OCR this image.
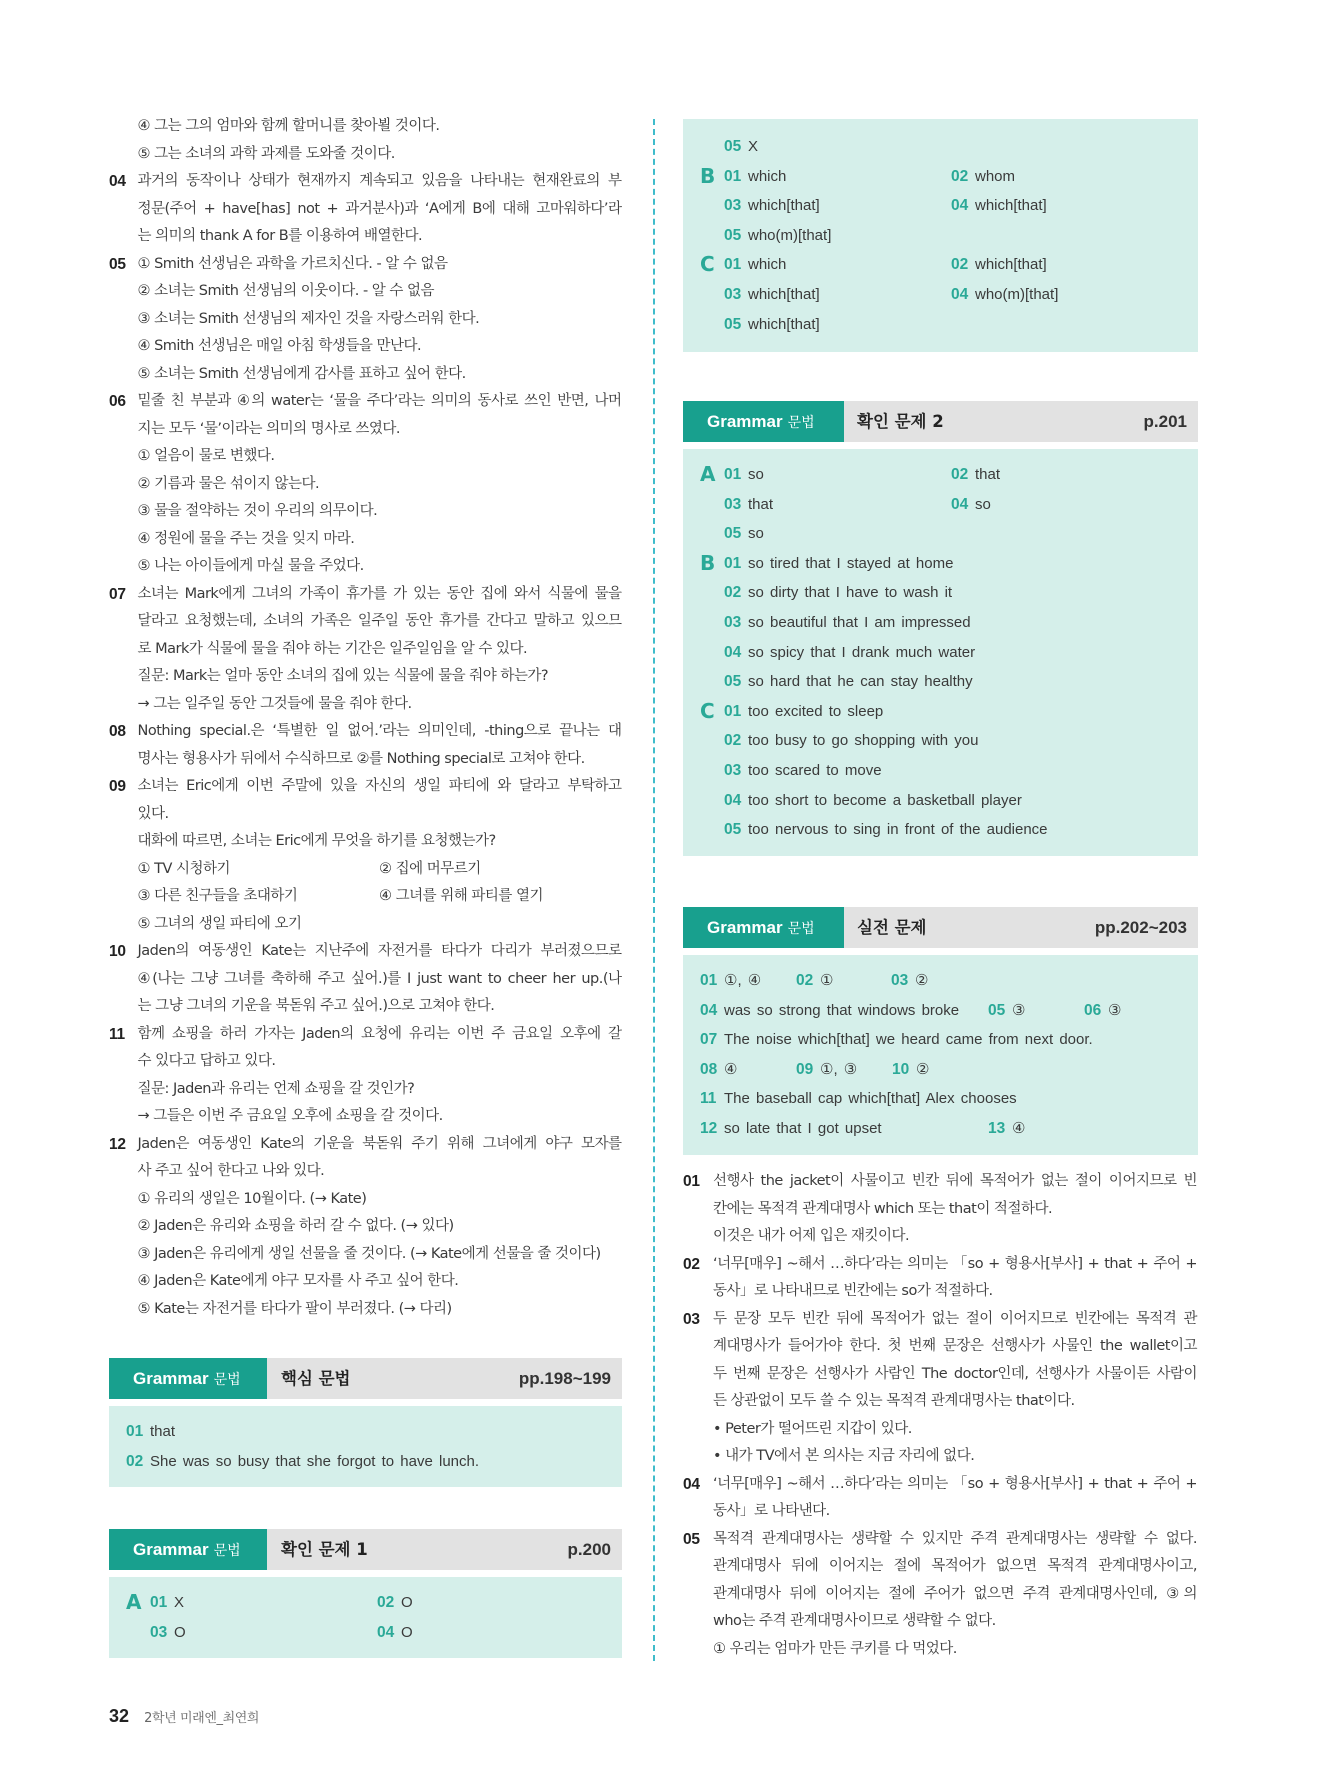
④ 그는 그의 엄마와 함께 할머니를 찾아뵐 것이다.
⑤ 그는 소녀의 과학 과제를 도와줄 것이다.
04 과거의 동작이나 상태가 현재까지 계속되고 있음을 나타내는 현재완료의 부
정문(주어 + have[has] not + 과거분사)과 ‘A에게 B에 대해 고마워하다’라
는 의미의 thank A for B를 이용하여 배열한다.
05 ① Smith 선생님은 과학을 가르치신다. - 알 수 없음
② 소녀는 Smith 선생님의 이웃이다. - 알 수 없음
③ 소녀는 Smith 선생님의 제자인 것을 자랑스러워 한다.
④ Smith 선생님은 매일 아침 학생들을 만난다.
⑤ 소녀는 Smith 선생님에게 감사를 표하고 싶어 한다.
06 밑줄 친 부분과 ④의 water는 ‘물을 주다’라는 의미의 동사로 쓰인 반면, 나머
지는 모두 ‘물’이라는 의미의 명사로 쓰였다.
① 얼음이 물로 변했다.
② 기름과 물은 섞이지 않는다.
③ 물을 절약하는 것이 우리의 의무이다.
④ 정원에 물을 주는 것을 잊지 마라.
⑤ 나는 아이들에게 마실 물을 주었다.
07 소녀는 Mark에게 그녀의 가족이 휴가를 가 있는 동안 집에 와서 식물에 물을
달라고 요청했는데, 소녀의 가족은 일주일 동안 휴가를 간다고 말하고 있으므
로 Mark가 식물에 물을 줘야 하는 기간은 일주일임을 알 수 있다.
질문: Mark는 얼마 동안 소녀의 집에 있는 식물에 물을 줘야 하는가?
→ 그는 일주일 동안 그것들에 물을 줘야 한다.
08 Nothing special.은 ‘특별한 일 없어.’라는 의미인데, -thing으로 끝나는 대
명사는 형용사가 뒤에서 수식하므로 ②를 Nothing special로 고쳐야 한다.
09 소녀는 Eric에게 이번 주말에 있을 자신의 생일 파티에 와 달라고 부탁하고
있다.
대화에 따르면, 소녀는 Eric에게 무엇을 하기를 요청했는가?
① TV 시청하기	② 집에 머무르기
③ 다른 친구들을 초대하기	④ 그녀를 위해 파티를 열기
⑤ 그녀의 생일 파티에 오기
10 Jaden의 여동생인 Kate는 지난주에 자전거를 타다가 다리가 부러졌으므로
④(나는 그냥 그녀를 축하해 주고 싶어.)를 I just want to cheer her up.(나
는 그냥 그녀의 기운을 북돋워 주고 싶어.)으로 고쳐야 한다.
11 함께 쇼핑을 하러 가자는 Jaden의 요청에 유리는 이번 주 금요일 오후에 갈
수 있다고 답하고 있다.
질문: Jaden과 유리는 언제 쇼핑을 갈 것인가?
→ 그들은 이번 주 금요일 오후에 쇼핑을 갈 것이다.
12 Jaden은 여동생인 Kate의 기운을 북돋워 주기 위해 그녀에게 야구 모자를
사 주고 싶어 한다고 나와 있다.
① 유리의 생일은 10월이다. (→ Kate)
② Jaden은 유리와 쇼핑을 하러 갈 수 없다. (→ 있다)
③ Jaden은 유리에게 생일 선물을 줄 것이다. (→ Kate에게 선물을 줄 것이다)
④ Jaden은 Kate에게 야구 모자를 사 주고 싶어 한다.
⑤ Kate는 자전거를 타다가 팔이 부러졌다. (→ 다리)
Grammar 문법	핵심 문법	pp.198~199
01 that
02 She was so busy that she forgot to have lunch.
Grammar 문법	확인 문제 1	p.200
A 01 X	02 O
03 O	04 O
05 X
B 01 which	02 whom
03 which[that]	04 which[that]
05 who(m)[that]
C 01 which	02 which[that]
03 which[that]	04 who(m)[that]
05 which[that]
Grammar 문법	확인 문제 2	p.201
A 01 so	02 that
03 that	04 so
05 so
B 01 so tired that I stayed at home
02 so dirty that I have to wash it
03 so beautiful that I am impressed
04 so spicy that I drank much water
05 so hard that he can stay healthy
C 01 too excited to sleep
02 too busy to go shopping with you
03 too scared to move
04 too short to become a basketball player
05 too nervous to sing in front of the audience
Grammar 문법	실전 문제	pp.202~203
01 ①, ④ 02 ①	03 ②
04 was so strong that windows broke 05 ③	06 ③
07 The noise which[that] we heard came from next door.
08 ④	09 ①, ③ 10 ②
11 The baseball cap which[that] Alex chooses
12 so late that I got upset	13 ④
01 선행사 the jacket이 사물이고 빈칸 뒤에 목적어가 없는 절이 이어지므로 빈
칸에는 목적격 관계대명사 which 또는 that이 적절하다.
이것은 내가 어제 입은 재킷이다.
02 ‘너무[매우] ~해서 …하다’라는 의미는 「so + 형용사[부사] + that + 주어 +
동사」로 나타내므로 빈칸에는 so가 적절하다.
03 두 문장 모두 빈칸 뒤에 목적어가 없는 절이 이어지므로 빈칸에는 목적격 관
계대명사가 들어가야 한다. 첫 번째 문장은 선행사가 사물인 the wallet이고
두 번째 문장은 선행사가 사람인 The doctor인데, 선행사가 사물이든 사람이
든 상관없이 모두 쓸 수 있는 목적격 관계대명사는 that이다.
• Peter가 떨어뜨린 지갑이 있다.
• 내가 TV에서 본 의사는 지금 자리에 없다.
04 ‘너무[매우] ~해서 …하다’라는 의미는 「so + 형용사[부사] + that + 주어 +
동사」로 나타낸다.
05 목적격 관계대명사는 생략할 수 있지만 주격 관계대명사는 생략할 수 없다.
관계대명사 뒤에 이어지는 절에 목적어가 없으면 목적격 관계대명사이고,
관계대명사 뒤에 이어지는 절에 주어가 없으면 주격 관계대명사인데, ③의
who는 주격 관계대명사이므로 생략할 수 없다.
① 우리는 엄마가 만든 쿠키를 다 먹었다.
32 2학년 미래엔_최연희
